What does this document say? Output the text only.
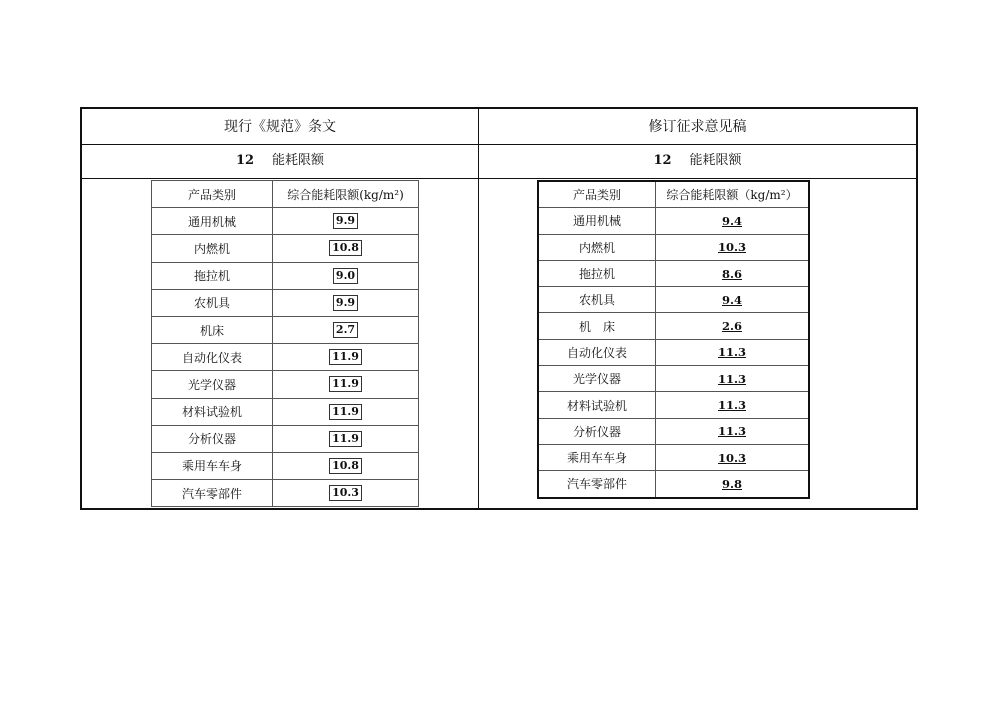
现行《规范》条文	修订征求意见稿
12 能耗限额	12 能耗限额
产品类别	综合能耗限额(kg/m²)
通用机械	9.9
内燃机	10.8
拖拉机	9.0
农机具	9.9
机床	2.7
自动化仪表	11.9
光学仪器	11.9
材料试验机	11.9
分析仪器	11.9
乘用车车身	10.8
汽车零部件	10.3
产品类别	综合能耗限额（kg/m²）
通用机械	9.4
内燃机	10.3
拖拉机	8.6
农机具	9.4
机　床	2.6
自动化仪表	11.3
光学仪器	11.3
材料试验机	11.3
分析仪器	11.3
乘用车车身	10.3
汽车零部件	9.8
